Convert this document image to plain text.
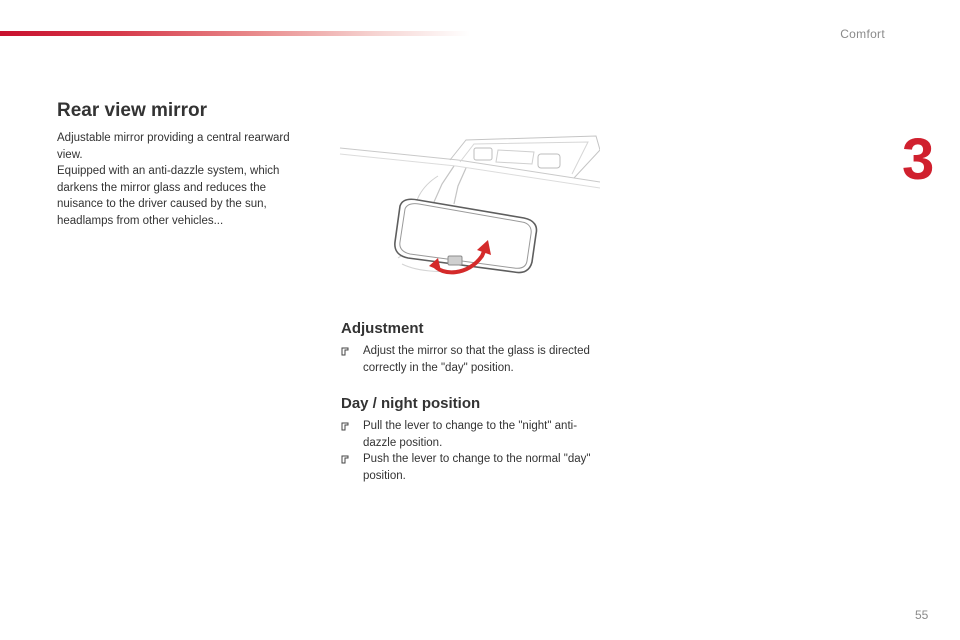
Comfort
3
Rear view mirror

Adjustable mirror providing a central rearward view.

Equipped with an anti-dazzle system, which darkens the mirror glass and reduces the nuisance to the driver caused by the sun, headlamps from other vehicles...

Adjustment
Adjust the mirror so that the glass is directed correctly in the "day" position.
Day / night position
Pull the lever to change to the "night" anti-dazzle position.
Push the lever to change to the normal "day" position.
55
